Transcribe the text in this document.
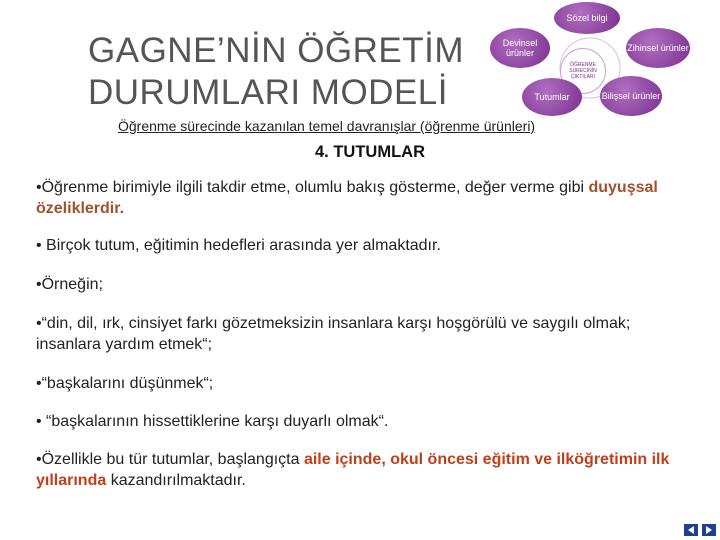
GAGNE’NİN ÖĞRETİM
DURUMLARI MODELİ
Sözel bilgi
Devinsel ürünler	Zihinsel ürünler
ÖĞRENME SÜRECİNİN ÇIKTILARI
Tutumlar	Bilişsel ürünler
Öğrenme sürecinde kazanılan temel davranışlar (öğrenme ürünleri)
4. TUTUMLAR

•Öğrenme birimiyle ilgili takdir etme, olumlu bakış gösterme, değer verme gibi duyuşsal özeliklerdir.

• Birçok tutum, eğitimin hedefleri arasında yer almaktadır.

•Örneğin;

•“din, dil, ırk, cinsiyet farkı gözetmeksizin insanlara karşı hoşgörülü ve saygılı olmak; insanlara yardım etmek“;

•“başkalarını düşünmek“;

• “başkalarının hissettiklerine karşı duyarlı olmak“.

•Özellikle bu tür tutumlar, başlangıçta aile içinde, okul öncesi eğitim ve ilköğretimin ilk yıllarında kazandırılmaktadır.
